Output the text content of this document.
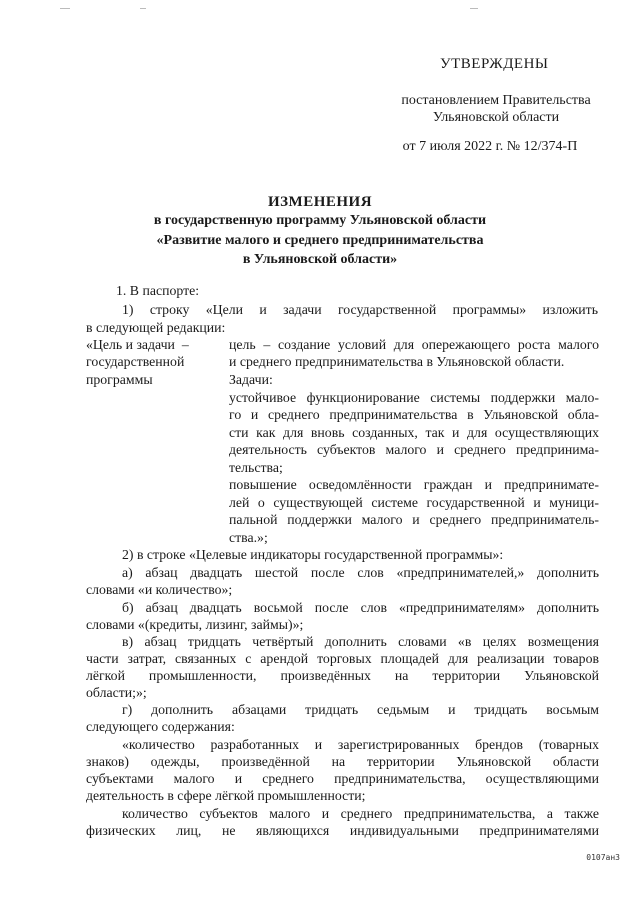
УТВЕРЖДЕНЫ
постановлением Правительства
Ульяновской области
от 7 июля 2022 г. № 12/374-П
ИЗМЕНЕНИЯ
в государственную программу Ульяновской области
«Развитие малого и среднего предпринимательства
в Ульяновской области»
1. В паспорте:
1) строку «Цели и задачи государственной программы» изложить
в следующей редакции:
«Цель и задачи  –
государственной
программы
цель – создание условий для опережающего роста малого
и среднего предпринимательства в Ульяновской области.
Задачи:
устойчивое функционирование системы поддержки мало-
го и среднего предпринимательства в Ульяновской обла-
сти как для вновь созданных, так и для осуществляющих
деятельность субъектов малого и среднего предпринима-
тельства;
повышение осведомлённости граждан и предпринимате-
лей о существующей системе государственной и муници-
пальной поддержки малого и среднего предприниматель-
ства.»;
2) в строке «Целевые индикаторы государственной программы»:
а) абзац двадцать шестой после слов «предпринимателей,» дополнить
словами «и количество»;
б) абзац двадцать восьмой после слов «предпринимателям» дополнить
словами «(кредиты, лизинг, займы)»;
в) абзац тридцать четвёртый дополнить словами «в целях возмещения
части затрат, связанных с арендой торговых площадей для реализации товаров
лёгкой промышленности, произведённых на территории Ульяновской
области;»;
г) дополнить абзацами тридцать седьмым и тридцать восьмым
следующего содержания:
«количество разработанных и зарегистрированных брендов (товарных
знаков) одежды, произведённой на территории Ульяновской области
субъектами малого и среднего предпринимательства, осуществляющими
деятельность в сфере лёгкой промышленности;
количество субъектов малого и среднего предпринимательства, а также
физических лиц, не являющихся индивидуальными предпринимателями
0107ан3
